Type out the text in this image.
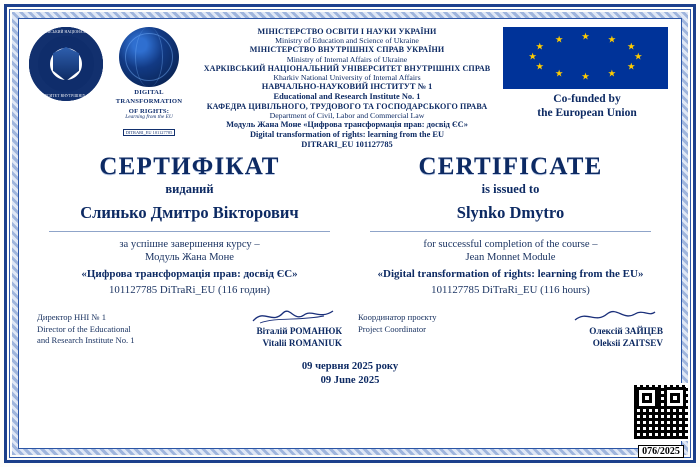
ХАРКІВСЬКИЙ НАЦІОНАЛЬНИЙ
УНІВЕРСИТЕТ ВНУТРІШНІХ СПРАВ	DIGITAL
TRANSFORMATION
OF RIGHTS:
Learning from the EU
DITRARI_EU 101127785
МІНІСТЕРСТВО ОСВІТИ І НАУКИ УКРАЇНИ
Ministry of Education and Science of Ukraine
МІНІСТЕРСТВО ВНУТРІШНІХ СПРАВ УКРАЇНИ
Ministry of Internal Affairs of Ukraine
ХАРКІВСЬКИЙ НАЦІОНАЛЬНИЙ УНІВЕРСИТЕТ ВНУТРІШНІХ СПРАВ
Kharkiv National University of Internal Affairs
НАВЧАЛЬНО-НАУКОВИЙ ІНСТИТУТ № 1
Educational and Research Institute No. 1
КАФЕДРА ЦИВІЛЬНОГО, ТРУДОВОГО ТА ГОСПОДАРСЬКОГО ПРАВА
Department of Civil, Labor and Commercial Law
Модуль Жана Моне «Цифрова трансформація прав: досвід ЄС»
Digital transformation of rights: learning from the EU
DITRARI_EU 101127785
★ ★
★
★
★
★
★
★
★
★
★
★
Co-funded by
the European Union
СЕРТИФІКАТ
виданий
Слинько Дмитро Вікторович
за успішне завершення курсу –
Модуль Жана Моне
«Цифрова трансформація прав: досвід ЄС»
101127785 DiTraRi_EU (116 годин)
CERTIFICATE
is issued to
Slynko Dmytro
for successful completion of the course –
Jean Monnet Module
«Digital transformation of rights: learning from the EU»
101127785 DiTraRi_EU (116 hours)
Директор ННІ № 1
Director of the Educational
and Research Institute No. 1
Віталій РОМАНЮК
Vitalii ROMANIUK
Координатор проєкту
Project Coordinator	Олексій ЗАЙЦЕВ
Oleksii ZAITSEV
09 червня 2025 року
09 June 2025
076/2025
